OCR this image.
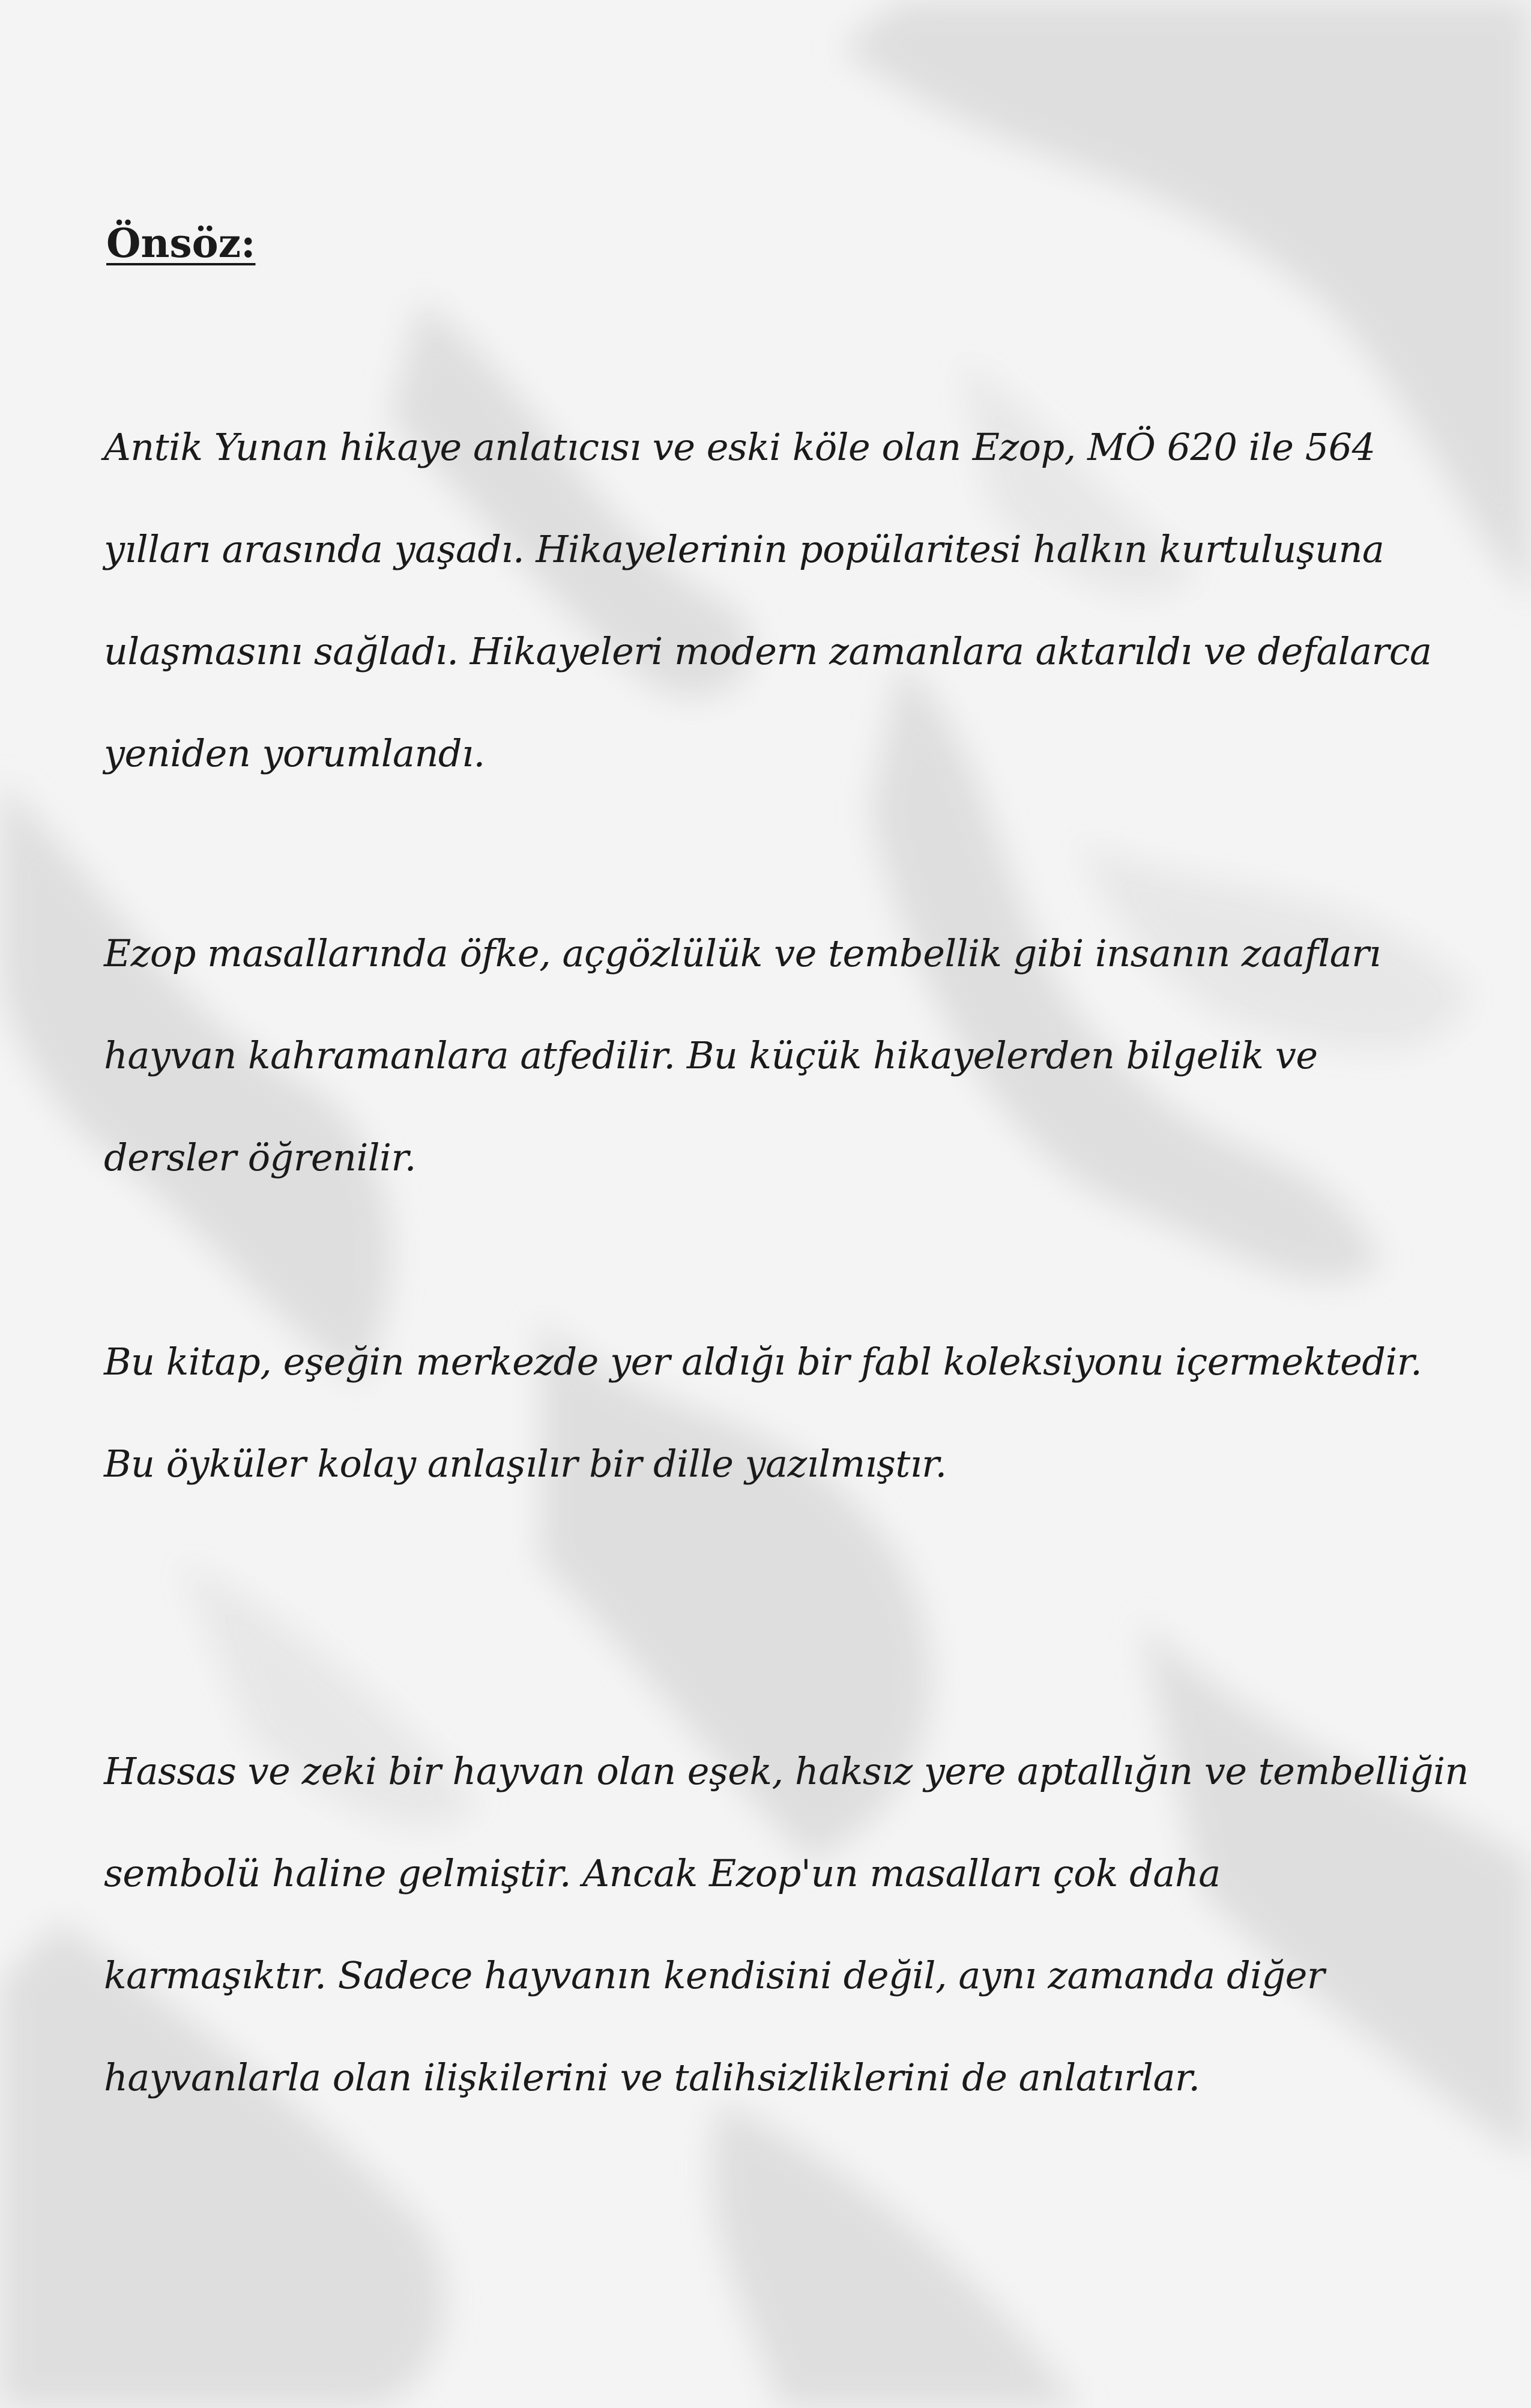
Önsöz:

Antik Yunan hikaye anlatıcısı ve eski köle olan Ezop, MÖ 620 ile 564
yılları arasında yaşadı. Hikayelerinin popülaritesi halkın kurtuluşuna
ulaşmasını sağladı. Hikayeleri modern zamanlara aktarıldı ve defalarca
yeniden yorumlandı.

Ezop masallarında öfke, açgözlülük ve tembellik gibi insanın zaafları
hayvan kahramanlara atfedilir. Bu küçük hikayelerden bilgelik ve
dersler öğrenilir.

Bu kitap, eşeğin merkezde yer aldığı bir fabl koleksiyonu içermektedir.
Bu öyküler kolay anlaşılır bir dille yazılmıştır.

Hassas ve zeki bir hayvan olan eşek, haksız yere aptallığın ve tembelliğin
sembolü haline gelmiştir. Ancak Ezop'un masalları çok daha
karmaşıktır. Sadece hayvanın kendisini değil, aynı zamanda diğer
hayvanlarla olan ilişkilerini ve talihsizliklerini de anlatırlar.
